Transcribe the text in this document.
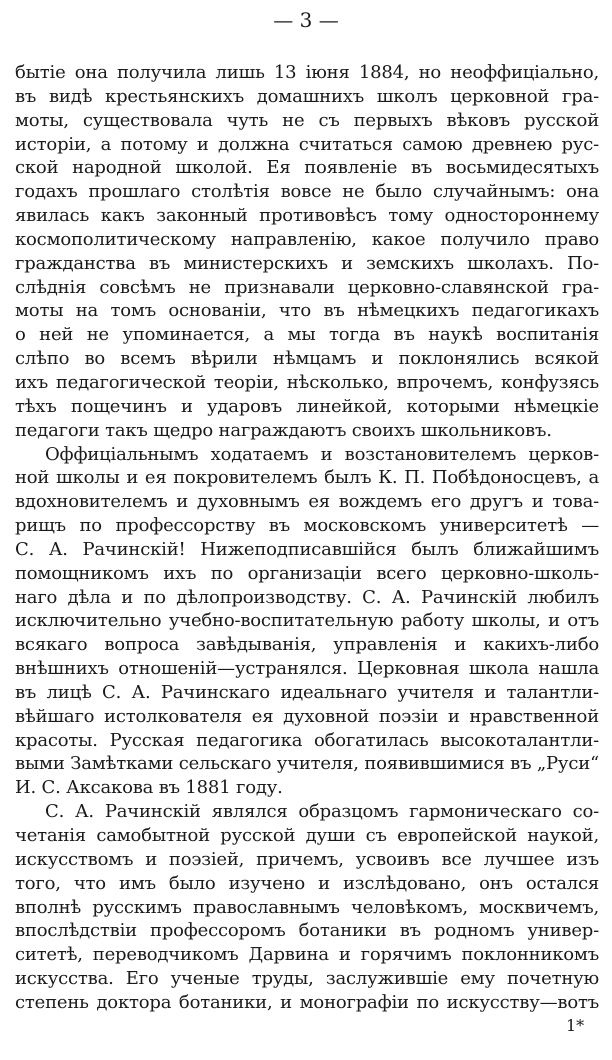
— 3 —
бытіе она получила лишь 13 іюня 1884, но неоффиціально,
въ видѣ крестьянскихъ домашнихъ школъ церковной гра-
моты, существовала чуть не съ первыхъ вѣковъ русской
исторіи, а потому и должна считаться самою древнею рус-
ской народной школой. Ея появленіе въ восьмидесятыхъ
годахъ прошлаго столѣтія вовсе не было случайнымъ: она
явилась какъ законный противовѣсъ тому одностороннему
космополитическому направленію, какое получило право
гражданства въ министерскихъ и земскихъ школахъ. По-
слѣднія совсѣмъ не признавали церковно-славянской гра-
моты на томъ основаніи, что въ нѣмецкихъ педагогикахъ
о ней не упоминается, а мы тогда въ наукѣ воспитанія
слѣпо во всемъ вѣрили нѣмцамъ и поклонялись всякой
ихъ педагогической теоріи, нѣсколько, впрочемъ, конфузясь
тѣхъ пощечинъ и ударовъ линейкой, которыми нѣмецкіе
педагоги такъ щедро награждаютъ своихъ школьниковъ.
Оффиціальнымъ ходатаемъ и возстановителемъ церков-
ной школы и ея покровителемъ былъ К. П. Побѣдоносцевъ, а
вдохновителемъ и духовнымъ ея вождемъ его другъ и това-
рищъ по профессорству въ московскомъ университетѣ —
С. А. Рачинскій! Нижеподписавшійся былъ ближайшимъ
помощникомъ ихъ по организаціи всего церковно-школь-
наго дѣла и по дѣлопроизводству. С. А. Рачинскій любилъ
исключительно учебно-воспитательную работу школы, и отъ
всякаго вопроса завѣдыванія, управленія и какихъ-либо
внѣшнихъ отношеній—устранялся. Церковная школа нашла
въ лицѣ С. А. Рачинскаго идеальнаго учителя и талантли-
вѣйшаго истолкователя ея духовной поэзіи и нравственной
красоты. Русская педагогика обогатилась высокоталантли-
выми Замѣтками сельскаго учителя, появившимися въ „Руси“
И. С. Аксакова въ 1881 году.
С. А. Рачинскій являлся образцомъ гармоническаго со-
четанія самобытной русской души съ европейской наукой,
искусствомъ и поэзіей, причемъ, усвоивъ все лучшее изъ
того, что имъ было изучено и изслѣдовано, онъ остался
вполнѣ русскимъ православнымъ человѣкомъ, москвичемъ,
впослѣдствіи профессоромъ ботаники въ родномъ универ-
ситетѣ, переводчикомъ Дарвина и горячимъ поклонникомъ
искусства. Его ученые труды, заслужившіе ему почетную
степень доктора ботаники, и монографіи по искусству—вотъ
1*
